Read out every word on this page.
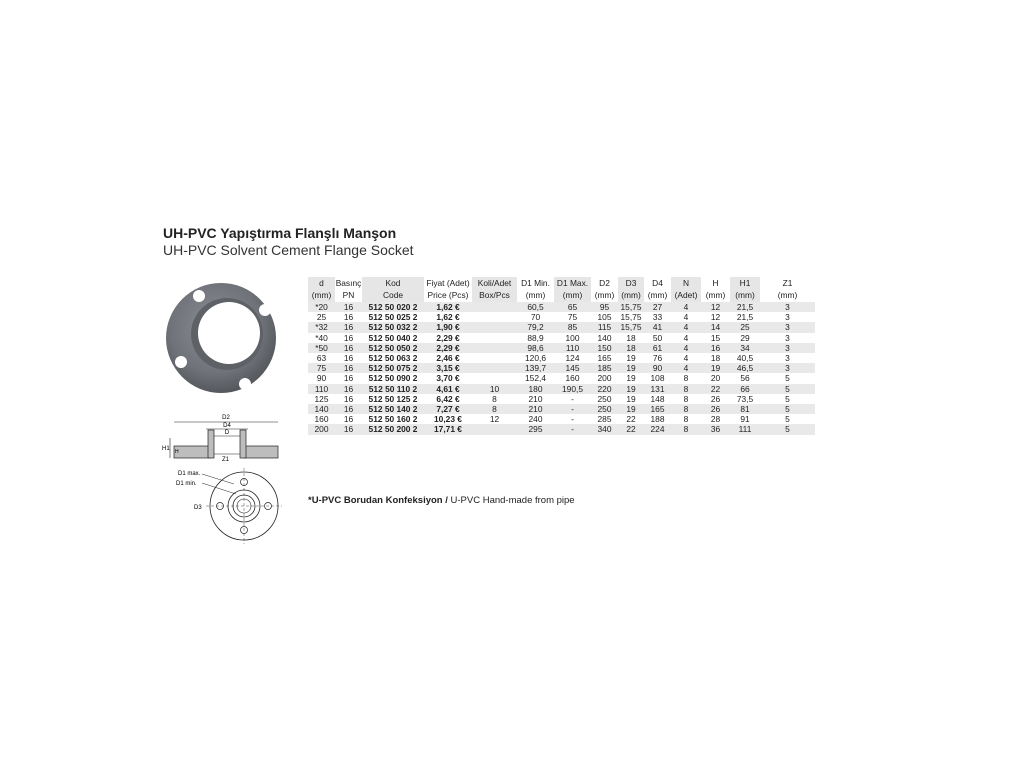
UH-PVC Yapıştırma Flanşlı Manşon
UH-PVC Solvent Cement Flange Socket
D2
D4
D
H1 H
Z1
D1 max.
D1 min.
D3
d	Basınç	Kod	Fiyat (Adet)	Koli/Adet	D1 Min.	D1 Max.	D2	D3	D4	N	H	H1	Z1
(mm)	PN	Code	Price (Pcs)	Box/Pcs	(mm)	(mm)	(mm)	(mm)	(mm)	(Adet)	(mm)	(mm)	(mm)
*20	16	512 50 020 2	1,62 €		60,5	65	95	15,75	27	4	12	21,5	3
25	16	512 50 025 2	1,62 €		70	75	105	15,75	33	4	12	21,5	3
*32	16	512 50 032 2	1,90 €		79,2	85	115	15,75	41	4	14	25	3
*40	16	512 50 040 2	2,29 €		88,9	100	140	18	50	4	15	29	3
*50	16	512 50 050 2	2,29 €		98,6	110	150	18	61	4	16	34	3
63	16	512 50 063 2	2,46 €		120,6	124	165	19	76	4	18	40,5	3
75	16	512 50 075 2	3,15 €		139,7	145	185	19	90	4	19	46,5	3
90	16	512 50 090 2	3,70 €		152,4	160	200	19	108	8	20	56	5
110	16	512 50 110 2	4,61 €	10	180	190,5	220	19	131	8	22	66	5
125	16	512 50 125 2	6,42 €	8	210	-	250	19	148	8	26	73,5	5
140	16	512 50 140 2	7,27 €	8	210	-	250	19	165	8	26	81	5
160	16	512 50 160 2	10,23 €	12	240	-	285	22	188	8	28	91	5
200	16	512 50 200 2	17,71 €		295	-	340	22	224	8	36	111	5
*U-PVC Borudan Konfeksiyon / U-PVC Hand-made from pipe
